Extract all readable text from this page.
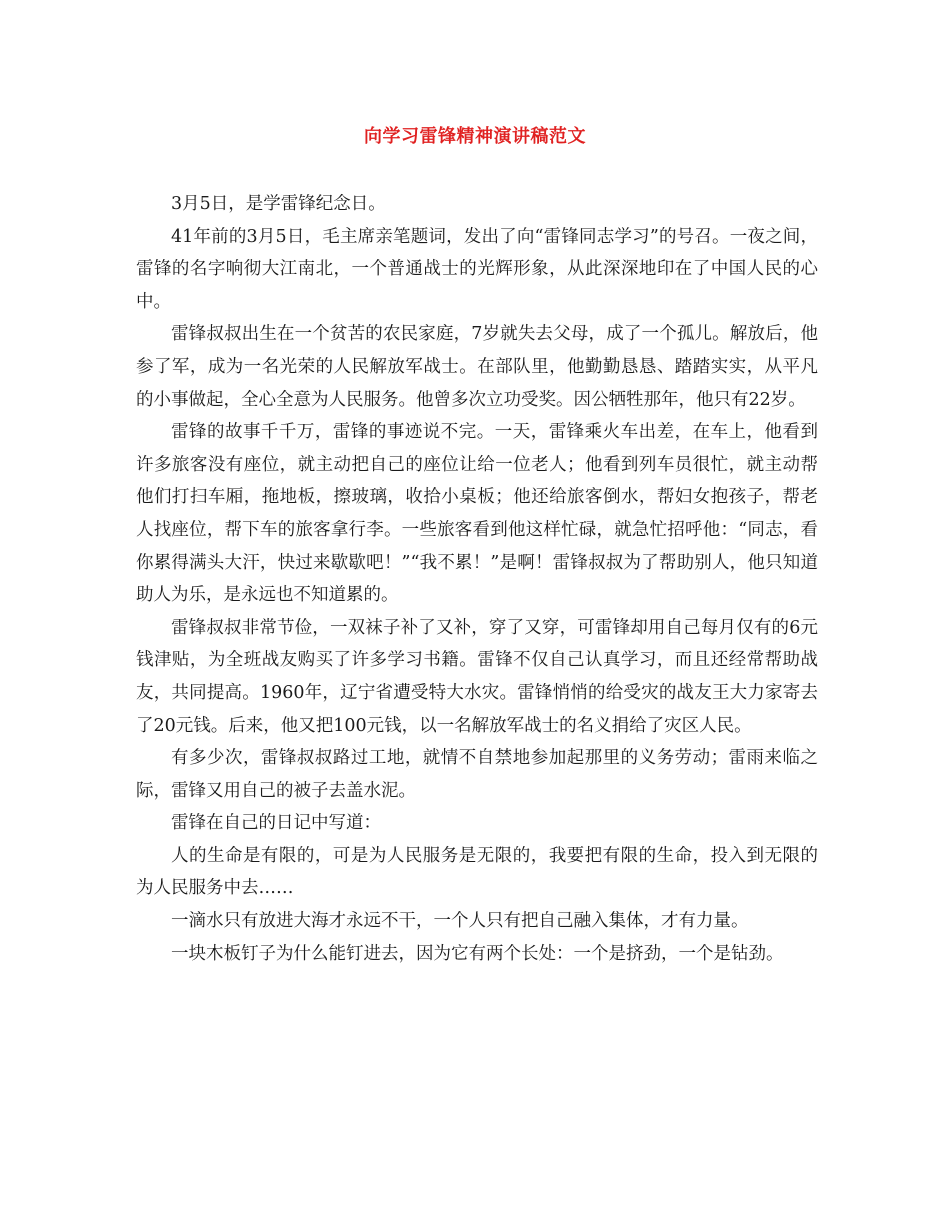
向学习雷锋精神演讲稿范文

3月5日，是学雷锋纪念日。

41年前的3月5日，毛主席亲笔题词，发出了向“雷锋同志学习”的号召。一夜之间，雷锋的名字响彻大江南北，一个普通战士的光辉形象，从此深深地印在了中国人民的心中。

雷锋叔叔出生在一个贫苦的农民家庭，7岁就失去父母，成了一个孤儿。解放后，他参了军，成为一名光荣的人民解放军战士。在部队里，他勤勤恳恳、踏踏实实，从平凡的小事做起，全心全意为人民服务。他曾多次立功受奖。因公牺牲那年，他只有22岁。

雷锋的故事千千万，雷锋的事迹说不完。一天，雷锋乘火车出差，在车上，他看到许多旅客没有座位，就主动把自己的座位让给一位老人；他看到列车员很忙，就主动帮他们打扫车厢，拖地板，擦玻璃，收拾小桌板；他还给旅客倒水，帮妇女抱孩子，帮老人找座位，帮下车的旅客拿行李。一些旅客看到他这样忙碌，就急忙招呼他：“同志，看你累得满头大汗，快过来歇歇吧！”“我不累！”是啊！雷锋叔叔为了帮助别人，他只知道助人为乐，是永远也不知道累的。

雷锋叔叔非常节俭，一双袜子补了又补，穿了又穿，可雷锋却用自己每月仅有的6元钱津贴，为全班战友购买了许多学习书籍。雷锋不仅自己认真学习，而且还经常帮助战友，共同提高。1960年，辽宁省遭受特大水灾。雷锋悄悄的给受灾的战友王大力家寄去了20元钱。后来，他又把100元钱，以一名解放军战士的名义捐给了灾区人民。

有多少次，雷锋叔叔路过工地，就情不自禁地参加起那里的义务劳动；雷雨来临之际，雷锋又用自己的被子去盖水泥。

雷锋在自己的日记中写道：

人的生命是有限的，可是为人民服务是无限的，我要把有限的生命，投入到无限的为人民服务中去……

一滴水只有放进大海才永远不干，一个人只有把自己融入集体，才有力量。

一块木板钉子为什么能钉进去，因为它有两个长处：一个是挤劲，一个是钻劲。
